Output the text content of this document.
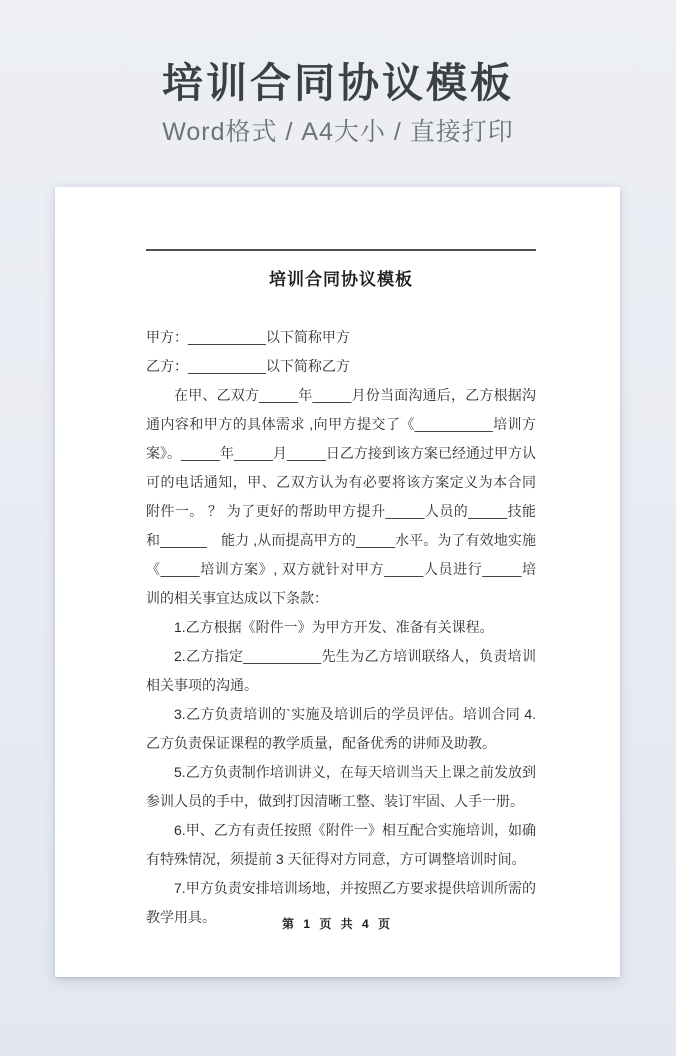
培训合同协议模板

Word格式 / A4大小 / 直接打印

培训合同协议模板

甲方：__________以下简称甲方

乙方：__________以下简称乙方

在甲、乙双方_____年_____月份当面沟通后，乙方根据沟通内容和甲方的具体需求 ,向甲方提交了《__________培训方案》。_____年_____月_____日乙方接到该方案已经通过甲方认可的电话通知，甲、乙双方认为有必要将该方案定义为本合同附件一。 ？ 为了更好的帮助甲方提升_____人员的_____技能和______　能力 ,从而提高甲方的_____水平。为了有效地实施《_____培训方案》, 双方就针对甲方_____人员进行_____培训的相关事宜达成以下条款：

1.乙方根据《附件一》为甲方开发、准备有关课程。

2.乙方指定__________先生为乙方培训联络人，负责培训相关事项的沟通。

3.乙方负责培训的`实施及培训后的学员评估。培训合同 4.乙方负责保证课程的教学质量，配备优秀的讲师及助教。

5.乙方负责制作培训讲义，在每天培训当天上课之前发放到参训人员的手中，做到打因清晰工整、装订牢固、人手一册。

6.甲、乙方有责任按照《附件一》相互配合实施培训，如确有特殊情况，须提前 3 天征得对方同意，方可调整培训时间。

7.甲方负责安排培训场地，并按照乙方要求提供培训所需的教学用具。	第 1 页 共 4 页
